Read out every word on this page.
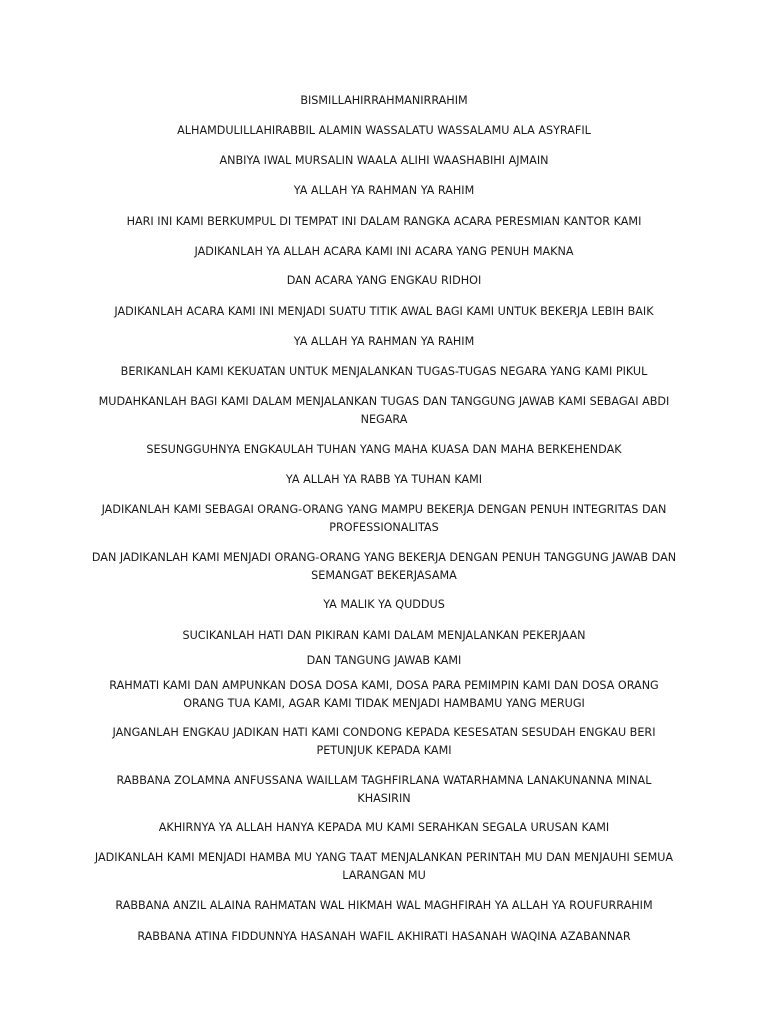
BISMILLAHIRRAHMANIRRAHIM
ALHAMDULILLAHIRABBIL ALAMIN WASSALATU WASSALAMU ALA ASYRAFIL
ANBIYA IWAL MURSALIN WAALA ALIHI WAASHABIHI AJMAIN
YA ALLAH YA RAHMAN YA RAHIM
HARI INI KAMI BERKUMPUL DI TEMPAT INI DALAM RANGKA ACARA PERESMIAN KANTOR KAMI
JADIKANLAH YA ALLAH ACARA KAMI INI ACARA YANG PENUH MAKNA
DAN ACARA YANG ENGKAU RIDHOI
JADIKANLAH ACARA KAMI INI MENJADI SUATU TITIK AWAL BAGI KAMI UNTUK BEKERJA LEBIH BAIK
YA ALLAH YA RAHMAN YA RAHIM
BERIKANLAH KAMI KEKUATAN UNTUK MENJALANKAN TUGAS-TUGAS NEGARA YANG KAMI PIKUL
MUDAHKANLAH BAGI KAMI DALAM MENJALANKAN TUGAS DAN TANGGUNG JAWAB KAMI SEBAGAI ABDI NEGARA
SESUNGGUHNYA ENGKAULAH TUHAN YANG MAHA KUASA DAN MAHA BERKEHENDAK
YA ALLAH YA RABB YA TUHAN KAMI
JADIKANLAH KAMI SEBAGAI ORANG-ORANG YANG MAMPU BEKERJA DENGAN PENUH INTEGRITAS DAN PROFESSIONALITAS
DAN JADIKANLAH KAMI MENJADI ORANG-ORANG YANG BEKERJA DENGAN PENUH TANGGUNG JAWAB DAN SEMANGAT BEKERJASAMA
YA MALIK YA QUDDUS
SUCIKANLAH HATI DAN PIKIRAN KAMI DALAM MENJALANKAN PEKERJAAN
DAN TANGUNG JAWAB KAMI
RAHMATI KAMI DAN AMPUNKAN DOSA DOSA KAMI, DOSA PARA PEMIMPIN KAMI DAN DOSA ORANG ORANG TUA KAMI, AGAR KAMI TIDAK MENJADI HAMBAMU YANG MERUGI
JANGANLAH ENGKAU JADIKAN HATI KAMI CONDONG KEPADA KESESATAN SESUDAH ENGKAU BERI PETUNJUK KEPADA KAMI
RABBANA ZOLAMNA ANFUSSANA WAILLAM TAGHFIRLANA WATARHAMNA LANAKUNANNA MINAL KHASIRIN
AKHIRNYA YA ALLAH HANYA KEPADA MU KAMI SERAHKAN SEGALA URUSAN KAMI
JADIKANLAH KAMI MENJADI HAMBA MU YANG TAAT MENJALANKAN PERINTAH MU DAN MENJAUHI SEMUA LARANGAN MU
RABBANA ANZIL ALAINA RAHMATAN WAL HIKMAH WAL MAGHFIRAH YA ALLAH YA ROUFURRAHIM
RABBANA ATINA FIDDUNNYA HASANAH WAFIL AKHIRATI HASANAH WAQINA AZABANNAR
